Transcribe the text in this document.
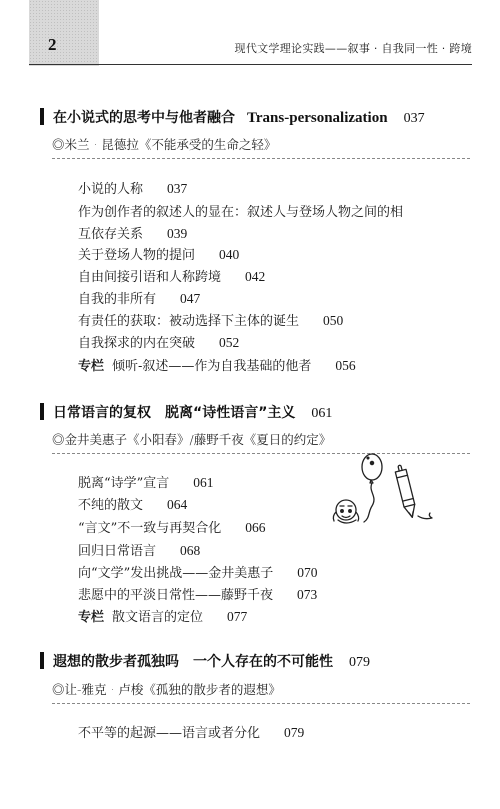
2	现代文学理论实践——叙事 · 自我同一性 · 跨境
在小说式的思考中与他者融合 Trans-personalization 037
◎米兰 · 昆德拉《不能承受的生命之轻》
小说的人称 037
作为创作者的叙述人的显在：叙述人与登场人物之间的相
互依存关系 039
关于登场人物的提问 040
自由间接引语和人称跨境 042
自我的非所有 047
有责任的获取：被动选择下主体的诞生 050
自我探求的内在突破 052
专栏 倾听-叙述——作为自我基础的他者 056
日常语言的复权　脱离“诗性语言”主义 061
◎金井美惠子《小阳春》/藤野千夜《夏日的约定》
脱离“诗学”宣言 061
不纯的散文 064
“言文”不一致与再契合化 066
回归日常语言 068
向“文学”发出挑战——金井美惠子 070
悲愿中的平淡日常性——藤野千夜 073
专栏 散文语言的定位 077
遐想的散步者孤独吗　一个人存在的不可能性 079
◎让-雅克 · 卢梭《孤独的散步者的遐想》
不平等的起源——语言或者分化 079
